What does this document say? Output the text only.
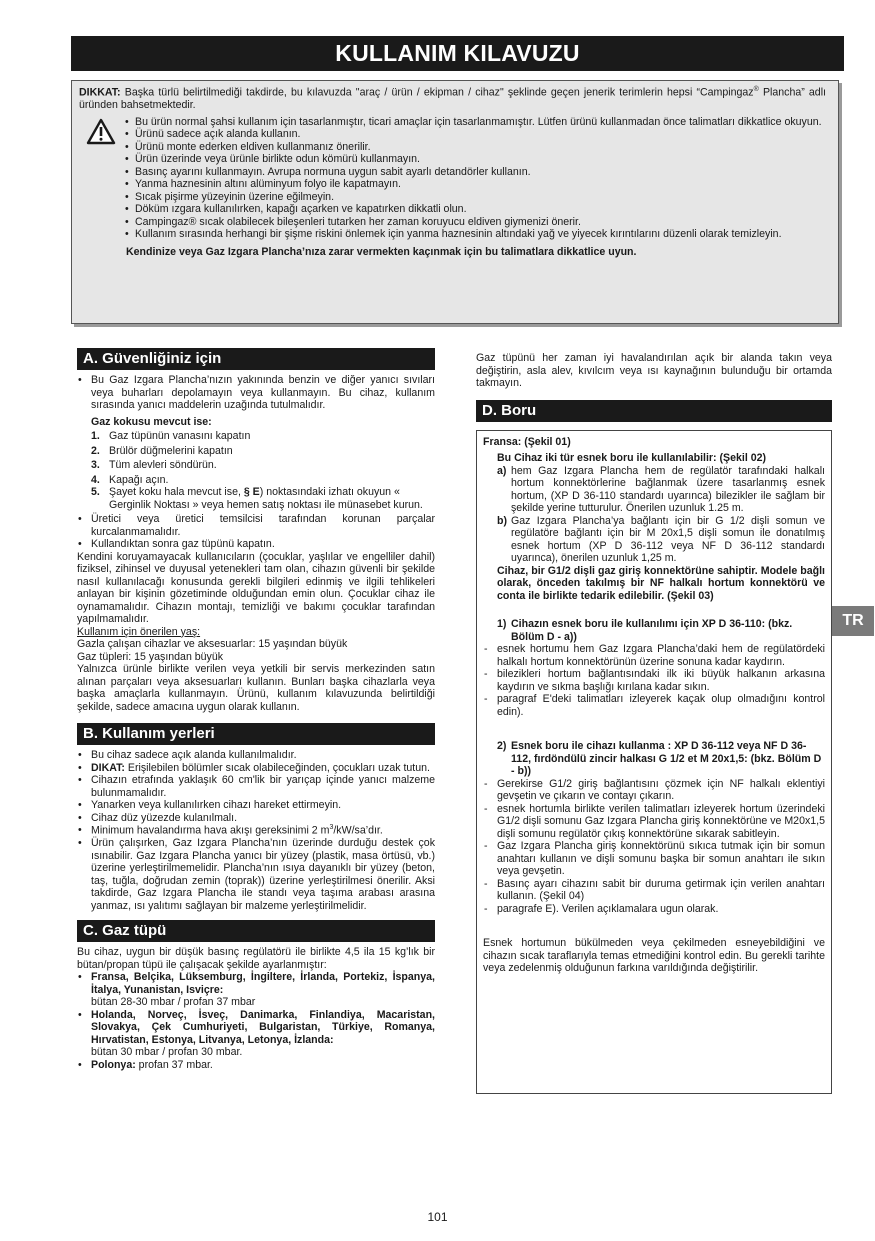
KULLANIM KILAVUZU
DIKKAT: Başka türlü belirtilmediği takdirde, bu kılavuzda "araç / ürün / ekipman / cihaz" şeklinde geçen jenerik terimlerin hepsi “Campingaz® Plancha” adlı üründen bahsetmektedir.
• Bu ürün normal şahsi kullanım için tasarlanmıştır, ticari amaçlar için tasarlanmamıştır. Lütfen ürünü kullanmadan önce talimatları dikkatlice okuyun.
• Ürünü sadece açık alanda kullanın.
• Ürünü monte ederken eldiven kullanmanız önerilir.
• Ürün üzerinde veya ürünle birlikte odun kömürü kullanmayın.
• Basınç ayarını kullanmayın. Avrupa normuna uygun sabit ayarlı detandörler kullanın.
• Yanma haznesinin altını alüminyum folyo ile kapatmayın.
• Sıcak pişirme yüzeyinin üzerine eğilmeyin.
• Döküm ızgara kullanılırken, kapağı açarken ve kapatırken dikkatli olun.
• Campingaz® sıcak olabilecek bileşenleri tutarken her zaman koruyucu eldiven giymenizi önerir.
• Kullanım sırasında herhangi bir şişme riskini önlemek için yanma haznesinin altındaki yağ ve yiyecek kırıntılarını düzenli olarak temizleyin.
Kendinize veya Gaz Izgara Plancha’nıza zarar vermekten kaçınmak için bu talimatlara dikkatlice uyun.
A. Güvenliğiniz için
• Bu Gaz Izgara Plancha’nızın yakınında benzin ve diğer yanıcı sıvıları veya buharları depolamayın veya kullanmayın. Bu cihaz, kullanım sırasında yanıcı maddelerin uzağında tutulmalıdır.
Gaz kokusu mevcut ise:
1. Gaz tüpünün vanasını kapatın
2. Brülör düğmelerini kapatın
3. Tüm alevleri söndürün.
4. Kapağı açın.
5. Şayet koku hala mevcut ise, § E) noktasındaki izhatı okuyun « Gerginlik Noktası » veya hemen satış noktası ile münasebet kurun.
• Üretici veya üretici temsilcisi tarafından korunan parçalar kurcalanmamalıdır.
• Kullandıktan sonra gaz tüpünü kapatın.

Kendini koruyamayacak kullanıcıların (çocuklar, yaşlılar ve engelliler dahil) fiziksel, zihinsel ve duyusal yetenekleri tam olan, cihazın güvenli bir şekilde nasıl kullanılacağı konusunda gerekli bilgileri edinmiş ve ilgili tehlikeleri anlayan bir kişinin gözetiminde olduğundan emin olun. Çocuklar cihaz ile oynamamalıdır. Cihazın montajı, temizliği ve bakımı çocuklar tarafından yapılmamalıdır.

Kullanım için önerilen yaş:

Gazla çalışan cihazlar ve aksesuarlar: 15 yaşından büyük

Gaz tüpleri: 15 yaşından büyük

Yalnızca ürünle birlikte verilen veya yetkili bir servis merkezinden satın alınan parçaları veya aksesuarları kullanın. Bunları başka cihazlarla veya başka amaçlarla kullanmayın. Ürünü, kullanım kılavuzunda belirtildiği şekilde, sadece amacına uygun olarak kullanın.

B. Kullanım yerleri
• Bu cihaz sadece açık alanda kullanılmalıdır.
• DIKAT: Erişilebilen bölümler sıcak olabileceğinden, çocukları uzak tutun.
• Cihazın etrafında yaklaşık 60 cm'lik bir yarıçap içinde yanıcı malzeme bulunmamalıdır.
• Yanarken veya kullanılırken cihazı hareket ettirmeyin.
• Cihaz düz yüzezde kulanılmalı.
• Minimum havalandırma hava akışı gereksinimi 2 $m^3/kW/sa’dır$.
• Ürün çalışırken, Gaz Izgara Plancha’nın üzerinde durduğu destek çok ısınabilir. Gaz Izgara Plancha yanıcı bir yüzey (plastik, masa örtüsü, vb.) üzerine yerleştirilmemelidir. Plancha’nın ısıya dayanıklı bir yüzey (beton, taş, tuğla, doğrudan zemin (toprak)) üzerine yerleştirilmesi önerilir. Aksi takdirde, Gaz Izgara Plancha ile standı veya taşıma arabası arasına yanmaz, ısı yalıtımı sağlayan bir malzeme yerleştirilmelidir.
C. Gaz tüpü

Bu cihaz, uygun bir düşük basınç regülatörü ile birlikte 4,5 ila 15 kg’lık bir bütan/propan tüpü ile çalışacak şekilde ayarlanmıştır:

• Fransa, Belçika, Lüksemburg, İngiltere, İrlanda, Portekiz, İspanya, İtalya, Yunanistan, Isviçre:
bütan 28-30 mbar / profan 37 mbar
• Holanda, Norveç, İsveç, Danimarka, Finlandiya, Macaristan, Slovakya, Çek Cumhuriyeti, Bulgaristan, Türkiye, Romanya, Hırvatistan, Estonya, Litvanya, Letonya, İzlanda:
bütan 30 mbar / profan 30 mbar.
• Polonya: profan 37 mbar.

Gaz tüpünü her zaman iyi havalandırılan açık bir alanda takın veya değiştirin, asla alev, kıvılcım veya ısı kaynağının bulunduğu bir ortamda takmayın.

D. Boru

Fransa: (Şekil 01)

Bu Cihaz iki tür esnek boru ile kullanılabilir: (Şekil 02)

a) hem Gaz Izgara Plancha hem de regülatör tarafındaki halkalı hortum konnektörlerine bağlanmak üzere tasarlanmış esnek hortum, (XP D 36-110 standardı uyarınca) bilezikler ile sağlam bir şekilde yerine tutturulur. Önerilen uzunluk 1.25 m.

b) Gaz Izgara Plancha’ya bağlantı için bir G 1/2 dişli somun ve regülatöre bağlantı için bir M 20x1,5 dişli somun ile donatılmış esnek hortum (XP D 36-112 veya NF D 36-112 standardı uyarınca), önerilen uzunluk 1,25 m.

Cihaz, bir G1/2 dişli gaz giriş konnektörüne sahiptir. Modele bağlı olarak, önceden takılmış bir NF halkalı hortum konnektörü ve conta ile birlikte tedarik edilebilir. (Şekil 03)

1) Cihazın esnek boru ile kullanılımı için XP D 36-110: (bkz. Bölüm D - a))

- esnek hortumu hem Gaz Izgara Plancha’daki hem de regülatördeki halkalı hortum konnektörünün üzerine sonuna kadar kaydırın.
- bilezikleri hortum bağlantısındaki ilk iki büyük halkanın arkasına kaydırın ve sıkma başlığı kırılana kadar sıkın.
- paragraf E'deki talimatları izleyerek kaçak olup olmadığını kontrol edin).

2) Esnek boru ile cihazı kullanma : XP D 36-112 veya NF D 36-112, fırdöndülü zincir halkası G 1/2 et M 20x1,5: (bkz. Bölüm D - b))

- Gerekirse G1/2 giriş bağlantısını çözmek için NF halkalı eklentiyi gevşetin ve çıkarın ve contayı çıkarın.
- esnek hortumla birlikte verilen talimatları izleyerek hortum üzerindeki G1/2 dişli somunu Gaz Izgara Plancha giriş konnektörüne ve M20x1,5 dişli somunu regülatör çıkış konnektörüne sıkarak sabitleyin.
- Gaz Izgara Plancha giriş konnektörünü sıkıca tutmak için bir somun anahtarı kullanın ve dişli somunu başka bir somun anahtarı ile sıkın veya gevşetin.
- Basınç ayarı cihazını sabit bir duruma getirmak için verilen anahtarı kullanın. (Şekil 04)
- paragrafe E). Verilen açıklamalara ugun olarak.

Esnek hortumun bükülmeden veya çekilmeden esneyebildiğini ve cihazın sıcak taraflarıyla temas etmediğini kontrol edin. Bu gerekli tarihte veya zedelenmiş olduğunun farkına varıldığında değiştirilir.

TR
101
